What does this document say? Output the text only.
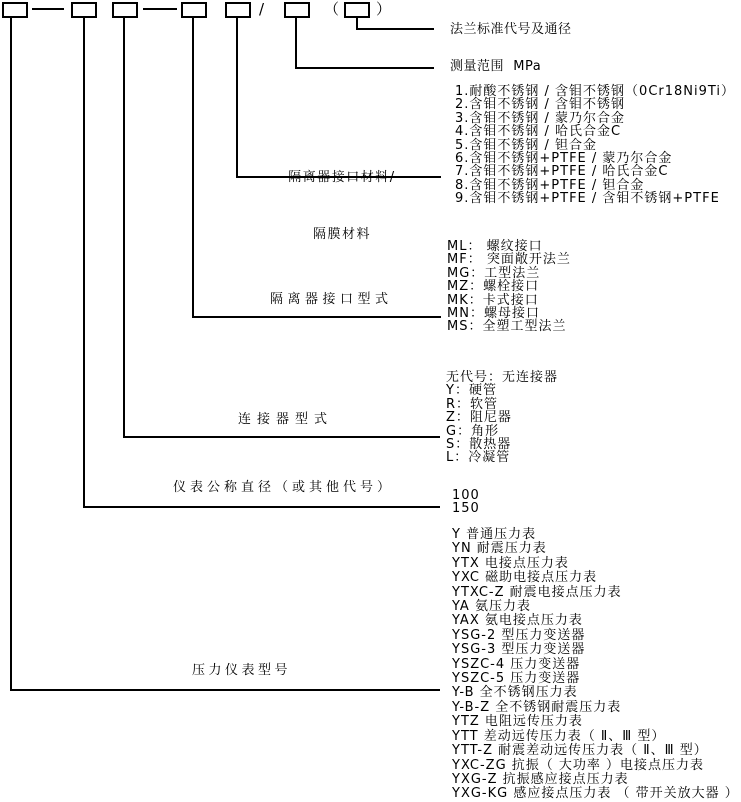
/	（ ）
法兰标准代号及通径
测量范围  MPa

隔离器接口材料/

隔膜材料

隔离器接口型式
连接器型式
仪表公称直径（或其他代号）
压力仪表型号
1.耐酸不锈钢 / 含钼不锈钢（0Cr18Ni9Ti）
2.含钼不锈钢 / 含钼不锈钢
3.含钼不锈钢 / 蒙乃尔合金
4.含钼不锈钢 / 哈氏合金C
5.含钼不锈钢 / 钽合金
6.含钼不锈钢+PTFE / 蒙乃尔合金
7.含钼不锈钢+PTFE / 哈氏合金C
8.含钼不锈钢+PTFE / 钽合金
9.含钼不锈钢+PTFE / 含钼不锈钢+PTFE
ML： 螺纹接口
MF： 突面敞开法兰
MG：工型法兰
MZ：螺栓接口
MK：卡式接口
MN：螺母接口
MS：全塑工型法兰
无代号：无连接器
Y：硬管
R：软管
Z：阻尼器
G：角形
S：散热器
L：冷凝管
100
150
Y 普通压力表
YN 耐震压力表
YTX 电接点压力表
YXC 磁助电接点压力表
YTXC-Z 耐震电接点压力表
YA 氨压力表
YAX 氨电接点压力表
YSG-2 型压力变送器
YSG-3 型压力变送器
YSZC-4 压力变送器
YSZC-5 压力变送器
Y-B 全不锈钢压力表
Y-B-Z 全不锈钢耐震压力表
YTZ 电阻远传压力表
YTT 差动远传压力表（ Ⅱ、Ⅲ 型）
YTT-Z 耐震差动远传压力表（ Ⅱ、Ⅲ 型）
YXC-ZG 抗振（ 大功率 ）电接点压力表
YXG-Z 抗振感应接点压力表
YXG-KG 感应接点压力表 （ 带开关放大器 ）
